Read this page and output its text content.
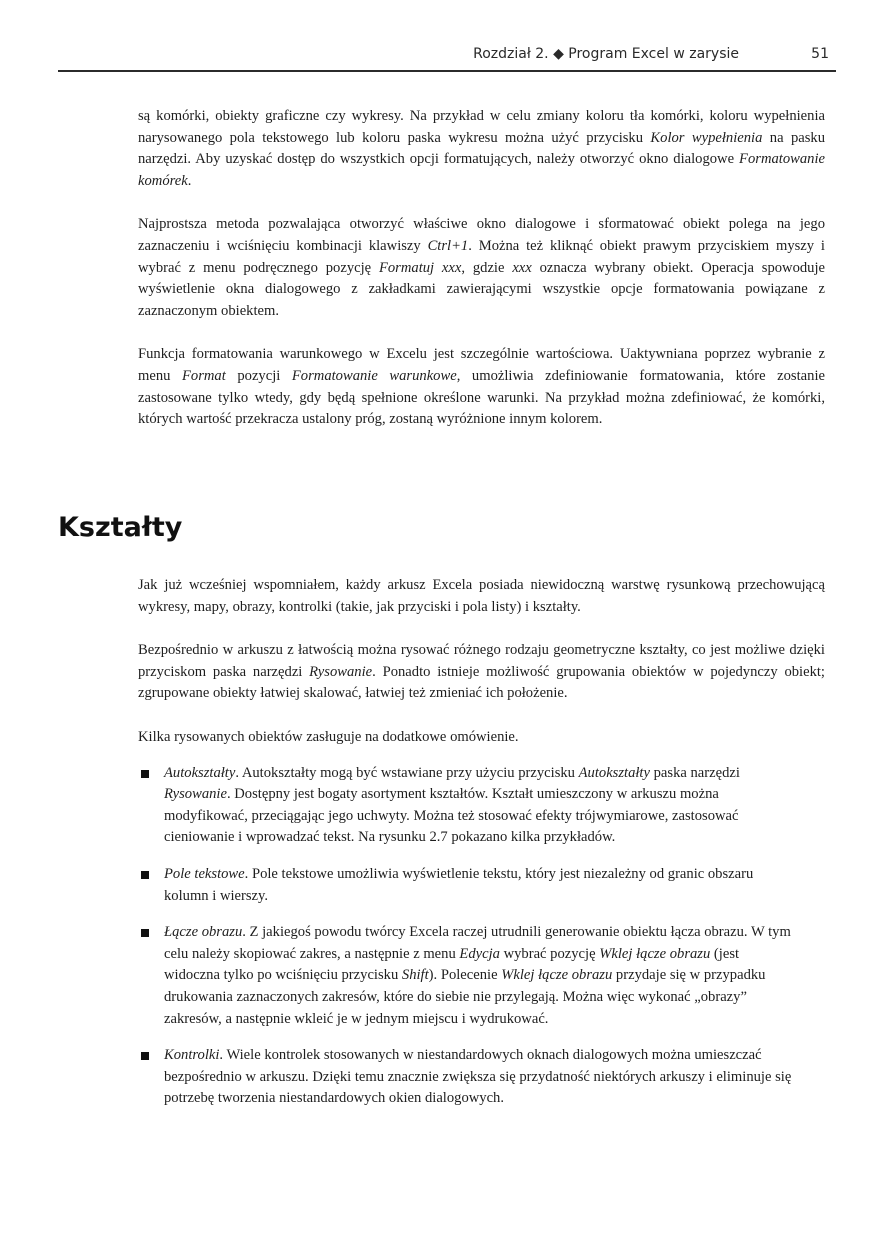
Rozdział 2. ◆ Program Excel w zarysie	51

są komórki, obiekty graficzne czy wykresy. Na przykład w celu zmiany koloru tła komórki, koloru wypełnienia narysowanego pola tekstowego lub koloru paska wykresu można użyć przycisku Kolor wypełnienia na pasku narzędzi. Aby uzyskać dostęp do wszystkich opcji formatujących, należy otworzyć okno dialogowe Formatowanie komórek.

Najprostsza metoda pozwalająca otworzyć właściwe okno dialogowe i sformatować obiekt polega na jego zaznaczeniu i wciśnięciu kombinacji klawiszy Ctrl+1. Można też kliknąć obiekt prawym przyciskiem myszy i wybrać z menu podręcznego pozycję Formatuj xxx, gdzie xxx oznacza wybrany obiekt. Operacja spowoduje wyświetlenie okna dialogowego z zakładkami zawierającymi wszystkie opcje formatowania powiązane z zaznaczonym obiektem.

Funkcja formatowania warunkowego w Excelu jest szczególnie wartościowa. Uaktywniana poprzez wybranie z menu Format pozycji Formatowanie warunkowe, umożliwia zdefiniowanie formatowania, które zostanie zastosowane tylko wtedy, gdy będą spełnione określone warunki. Na przykład można zdefiniować, że komórki, których wartość przekracza ustalony próg, zostaną wyróżnione innym kolorem.

Kształty

Jak już wcześniej wspomniałem, każdy arkusz Excela posiada niewidoczną warstwę rysunkową przechowującą wykresy, mapy, obrazy, kontrolki (takie, jak przyciski i pola listy) i kształty.

Bezpośrednio w arkuszu z łatwością można rysować różnego rodzaju geometryczne kształty, co jest możliwe dzięki przyciskom paska narzędzi Rysowanie. Ponadto istnieje możliwość grupowania obiektów w pojedynczy obiekt; zgrupowane obiekty łatwiej skalować, łatwiej też zmieniać ich położenie.

Kilka rysowanych obiektów zasługuje na dodatkowe omówienie.

Autokształty. Autokształty mogą być wstawiane przy użyciu przycisku Autokształty paska narzędzi Rysowanie. Dostępny jest bogaty asortyment kształtów. Kształt umieszczony w arkuszu można modyfikować, przeciągając jego uchwyty. Można też stosować efekty trójwymiarowe, zastosować cieniowanie i wprowadzać tekst. Na rysunku 2.7 pokazano kilka przykładów.
Pole tekstowe. Pole tekstowe umożliwia wyświetlenie tekstu, który jest niezależny od granic obszaru kolumn i wierszy.
Łącze obrazu. Z jakiegoś powodu twórcy Excela raczej utrudnili generowanie obiektu łącza obrazu. W tym celu należy skopiować zakres, a następnie z menu Edycja wybrać pozycję Wklej łącze obrazu (jest widoczna tylko po wciśnięciu przycisku Shift). Polecenie Wklej łącze obrazu przydaje się w przypadku drukowania zaznaczonych zakresów, które do siebie nie przylegają. Można więc wykonać „obrazy” zakresów, a następnie wkleić je w jednym miejscu i wydrukować.
Kontrolki. Wiele kontrolek stosowanych w niestandardowych oknach dialogowych można umieszczać bezpośrednio w arkuszu. Dzięki temu znacznie zwiększa się przydatność niektórych arkuszy i eliminuje się potrzebę tworzenia niestandardowych okien dialogowych.
